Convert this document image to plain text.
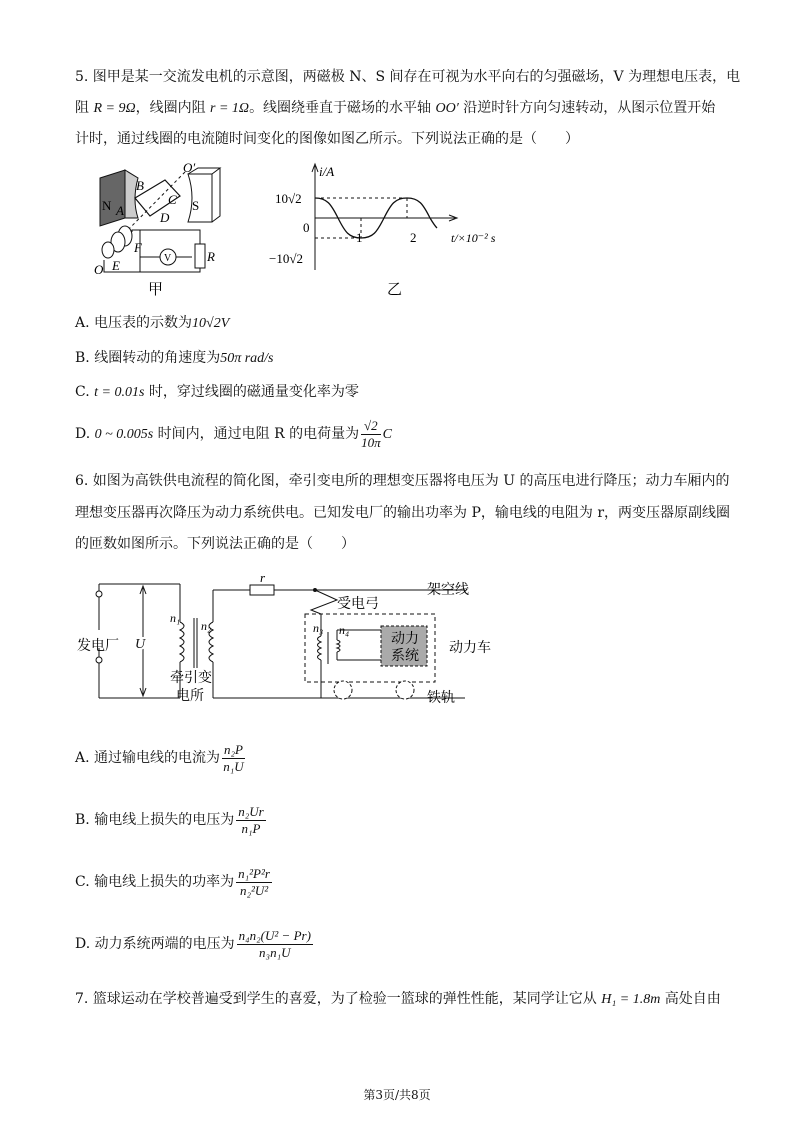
5. 图甲是某一交流发电机的示意图，两磁极 N、S 间存在可视为水平向右的匀强磁场，V 为理想电压表，电
阻 R = 9Ω，线圈内阻 r = 1Ω。线圈绕垂直于磁场的水平轴 OO′ 沿逆时针方向匀速转动，从图示位置开始
计时，通过线圈的电流随时间变化的图像如图乙所示。下列说法正确的是（　　）
O′
B
C
N A	D
S
F
V	R
O E
甲
i/A
10√2
0
−10√2
1	2	t/×10⁻² s
乙
A. 电压表的示数为10√2V
B. 线圈转动的角速度为50π rad/s
C. t = 0.01s 时，穿过线圈的磁通量变化率为零
D. 0 ~ 0.005s 时间内，通过电阻 R 的电荷量为 $\frac{√2}{10\pi}$ C
6. 如图为高铁供电流程的简化图，牵引变电所的理想变压器将电压为 U 的高压电进行降压；动力车厢内的
理想变压器再次降压为动力系统供电。已知发电厂的输出功率为 P，输电线的电阻为 r，两变压器原副线圈
的匝数如图所示。下列说法正确的是（　　）
发电厂 U
n₁
n₂
r
牵引变
电所
受电弓
架空线
n₃ n₄
动力
系统
动力车
铁轨
A. 通过输电线的电流为 $\frac{\text{n₂P}}{\text{n₁U}}$
B. 输电线上损失的电压为 $\frac{\text{n₂Ur}}{\text{n₁P}}$
C. 输电线上损失的功率为 $\frac{\text{n₁²P²r}}{\text{n₂²U²}}$
D. 动力系统两端的电压为 $\frac{\text{n₄n₂(U² − Pr)}}{\text{n₃n₁U}}$
7. 篮球运动在学校普遍受到学生的喜爱，为了检验一篮球的弹性性能，某同学让它从 H₁ = 1.8m 高处自由
第3页/共8页
